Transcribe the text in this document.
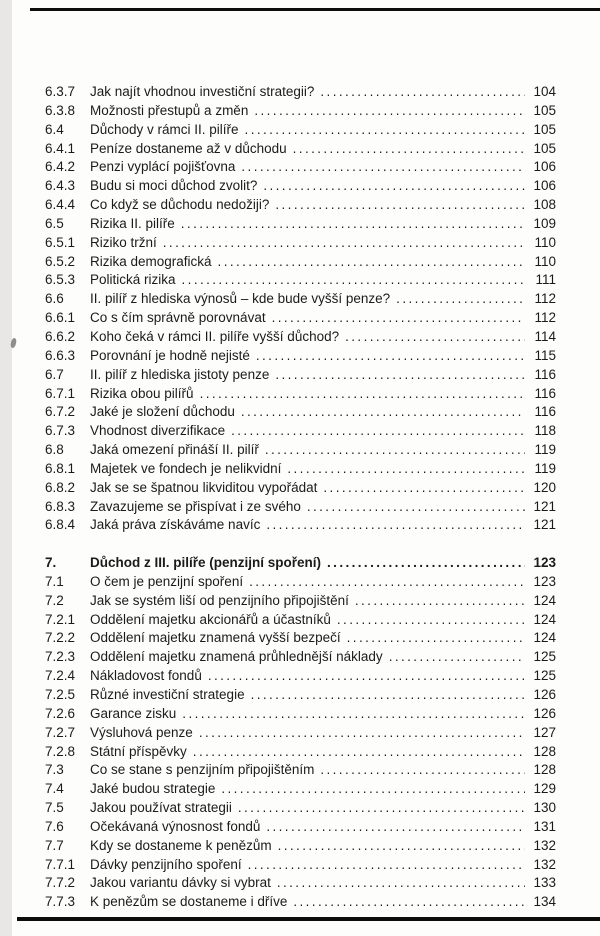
6.3.7	Jak najít vhodnou investiční strategii? .....	104
6.3.8	Možnosti přestupů a změn .....	105
6.4	Důchody v rámci II. pilíře .....	105
6.4.1	Peníze dostaneme až v důchodu .....	105
6.4.2	Penzi vyplácí pojišťovna .....	106
6.4.3	Budu si moci důchod zvolit? .....	106
6.4.4	Co když se důchodu nedožiji? .....	108
6.5	Rizika II. pilíře .....	109
6.5.1	Riziko tržní .....	110
6.5.2	Rizika demografická .....	110
6.5.3	Politická rizika .....	111
6.6	II. pilíř z hlediska výnosů – kde bude vyšší penze? .....	112
6.6.1	Co s čím správně porovnávat .....	112
6.6.2	Koho čeká v rámci II. pilíře vyšší důchod? .....	114
6.6.3	Porovnání je hodně nejisté .....	115
6.7	II. pilíř z hlediska jistoty penze .....	116
6.7.1	Rizika obou pilířů .....	116
6.7.2	Jaké je složení důchodu .....	116
6.7.3	Vhodnost diverzifikace .....	118
6.8	Jaká omezení přináší II. pilíř .....	119
6.8.1	Majetek ve fondech je nelikvidní .....	119
6.8.2	Jak se se špatnou likviditou vypořádat .....	120
6.8.3	Zavazujeme se přispívat i ze svého .....	121
6.8.4	Jaká práva získáváme navíc .....	121
7.	Důchod z III. pilíře (penzijní spoření) .....	123
7.1	O čem je penzijní spoření .....	123
7.2	Jak se systém liší od penzijního připojištění .....	124
7.2.1	Oddělení majetku akcionářů a účastníků .....	124
7.2.2	Oddělení majetku znamená vyšší bezpečí .....	124
7.2.3	Oddělení majetku znamená průhlednější náklady .....	125
7.2.4	Nákladovost fondů .....	125
7.2.5	Různé investiční strategie .....	126
7.2.6	Garance zisku .....	126
7.2.7	Výsluhová penze .....	127
7.2.8	Státní příspěvky .....	128
7.3	Co se stane s penzijním připojištěním .....	128
7.4	Jaké budou strategie .....	129
7.5	Jakou používat strategii .....	130
7.6	Očekávaná výnosnost fondů .....	131
7.7	Kdy se dostaneme k penězům .....	132
7.7.1	Dávky penzijního spoření .....	132
7.7.2	Jakou variantu dávky si vybrat .....	133
7.7.3	K penězům se dostaneme i dříve .....	134
